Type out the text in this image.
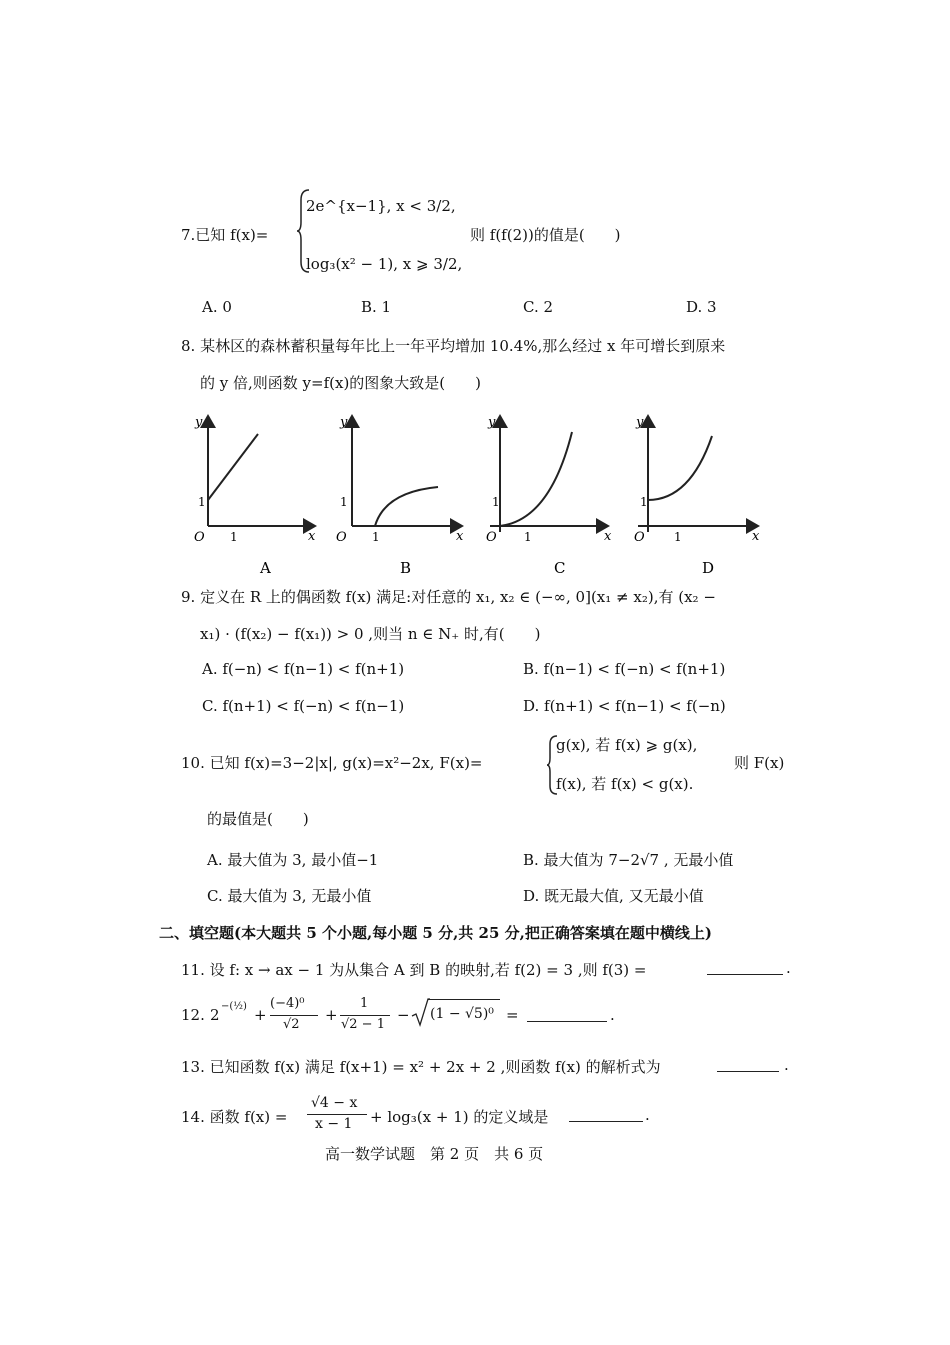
7.已知 f(x)=
2e^{x−1}, x < 3/2,
log₃(x² − 1), x ⩾ 3/2,
则 f(f(2))的值是(　　)
A. 0	B. 1	C. 2	D. 3
8. 某林区的森林蓄积量每年比上一年平均增加 10.4%,那么经过 x 年可增长到原来
的 y 倍,则函数 y=f(x)的图象大致是(　　)
y
x
O 1
1
A
y
x
O 1
1
B
y
x
O 1
1
C
y
x
O 1
1
D
9. 定义在 R 上的偶函数 f(x) 满足:对任意的 x₁, x₂ ∈ (−∞, 0](x₁ ≠ x₂),有 (x₂ −
x₁) · (f(x₂) − f(x₁)) > 0 ,则当 n ∈ N₊ 时,有(　　)
A. f(−n) < f(n−1) < f(n+1)	B. f(n−1) < f(−n) < f(n+1)
C. f(n+1) < f(−n) < f(n−1)	D. f(n+1) < f(n−1) < f(−n)
10. 已知 f(x)=3−2|x|, g(x)=x²−2x, F(x)=
g(x), 若 f(x) ⩾ g(x),
f(x), 若 f(x) < g(x).
则 F(x)
的最值是(　　)
A. 最大值为 3, 最小值−1	B. 最大值为 7−2√7 , 无最小值
C. 最大值为 3, 无最小值	D. 既无最大值, 又无最小值
二、填空题(本大题共 5 个小题,每小题 5 分,共 25 分,把正确答案填在题中横线上)
11. 设 f: x → ax − 1 为从集合 A 到 B 的映射,若 f(2) = 3 ,则 f(3) =	.
12. 2 −(½) +
(−4)⁰
√2
+
1
√2 − 1
− (1 − √5)⁰ =	.
13. 已知函数 f(x) 满足 f(x+1) = x² + 2x + 2 ,则函数 f(x) 的解析式为	.
14. 函数 f(x) =
√4 − x
x − 1 + log₃(x + 1) 的定义域是	.
高一数学试题　第 2 页　共 6 页
